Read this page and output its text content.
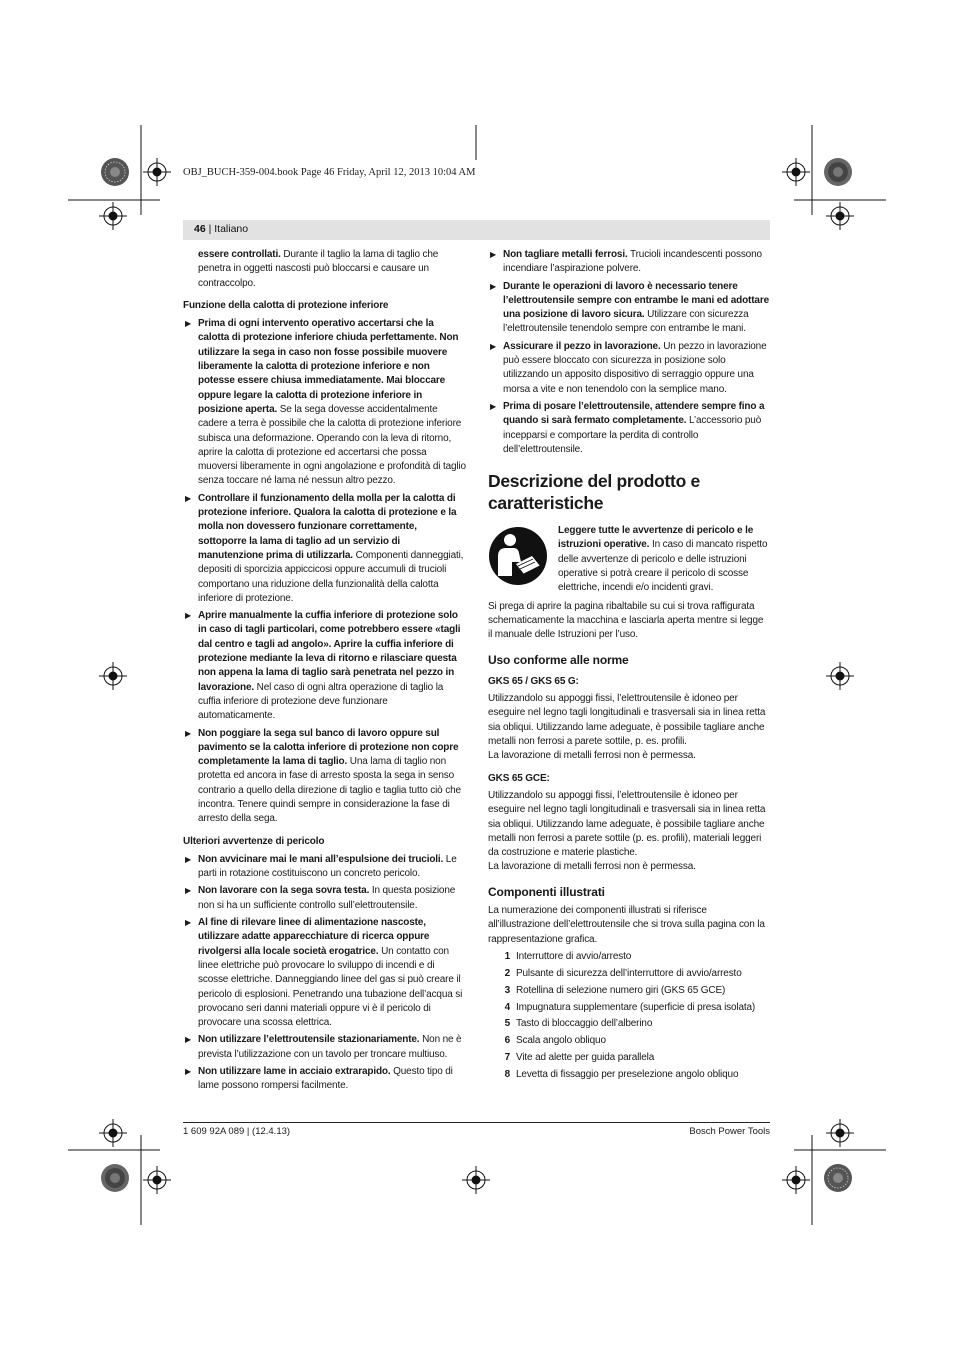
OBJ_BUCH-359-004.book Page 46 Friday, April 12, 2013 10:04 AM
46 | Italiano

essere controllati. Durante il taglio la lama di taglio che penetra in oggetti nascosti può bloccarsi e causare un contraccolpo.

Funzione della calotta di protezione inferiore

▶ Prima di ogni intervento operativo accertarsi che la calotta di protezione inferiore chiuda perfettamente. Non utilizzare la sega in caso non fosse possibile muovere liberamente la calotta di protezione inferiore e non potesse essere chiusa immediatamente. Mai bloccare oppure legare la calotta di protezione inferiore in posizione aperta. Se la sega dovesse accidentalmente cadere a terra è possibile che la calotta di protezione inferiore subisca una deformazione. Operando con la leva di ritorno, aprire la calotta di protezione ed accertarsi che possa muoversi liberamente in ogni angolazione e profondità di taglio senza toccare né lama né nessun altro pezzo.

▶ Controllare il funzionamento della molla per la calotta di protezione inferiore. Qualora la calotta di protezione e la molla non dovessero funzionare correttamente, sottoporre la lama di taglio ad un servizio di manutenzione prima di utilizzarla. Componenti danneggiati, depositi di sporcizia appiccicosi oppure accumuli di trucioli comportano una riduzione della funzionalità della calotta inferiore di protezione.

▶ Aprire manualmente la cuffia inferiore di protezione solo in caso di tagli particolari, come potrebbero essere «tagli dal centro e tagli ad angolo». Aprire la cuffia inferiore di protezione mediante la leva di ritorno e rilasciare questa non appena la lama di taglio sarà penetrata nel pezzo in lavorazione. Nel caso di ogni altra operazione di taglio la cuffia inferiore di protezione deve funzionare automaticamente.

▶ Non poggiare la sega sul banco di lavoro oppure sul pavimento se la calotta inferiore di protezione non copre completamente la lama di taglio. Una lama di taglio non protetta ed ancora in fase di arresto sposta la sega in senso contrario a quello della direzione di taglio e taglia tutto ciò che incontra. Tenere quindi sempre in considerazione la fase di arresto della sega.

Ulteriori avvertenze di pericolo

▶ Non avvicinare mai le mani all’espulsione dei trucioli. Le parti in rotazione costituiscono un concreto pericolo.

▶ Non lavorare con la sega sovra testa. In questa posizione non si ha un sufficiente controllo sull’elettroutensile.

▶ Al fine di rilevare linee di alimentazione nascoste, utilizzare adatte apparecchiature di ricerca oppure rivolgersi alla locale società erogatrice. Un contatto con linee elettriche può provocare lo sviluppo di incendi e di scosse elettriche. Danneggiando linee del gas si può creare il pericolo di esplosioni. Penetrando una tubazione dell’acqua si provocano seri danni materiali oppure vi è il pericolo di provocare una scossa elettrica.

▶ Non utilizzare l’elettroutensile stazionariamente. Non ne è prevista l’utilizzazione con un tavolo per troncare multiuso.

▶ Non utilizzare lame in acciaio extrarapido. Questo tipo di lame possono rompersi facilmente.

▶ Non tagliare metalli ferrosi. Trucioli incandescenti possono incendiare l’aspirazione polvere.

▶ Durante le operazioni di lavoro è necessario tenere l’elettroutensile sempre con entrambe le mani ed adottare una posizione di lavoro sicura. Utilizzare con sicurezza l’elettroutensile tenendolo sempre con entrambe le mani.

▶ Assicurare il pezzo in lavorazione. Un pezzo in lavorazione può essere bloccato con sicurezza in posizione solo utilizzando un apposito dispositivo di serraggio oppure una morsa a vite e non tenendolo con la semplice mano.

▶ Prima di posare l’elettroutensile, attendere sempre fino a quando si sarà fermato completamente. L’accessorio può incepparsi e comportare la perdita di controllo dell’elettroutensile.

Descrizione del prodotto e caratteristiche
Leggere tutte le avvertenze di pericolo e le istruzioni operative. In caso di mancato rispetto delle avvertenze di pericolo e delle istruzioni operative si potrà creare il pericolo di scosse elettriche, incendi e/o incidenti gravi.

Si prega di aprire la pagina ribaltabile su cui si trova raffigurata schematicamente la macchina e lasciarla aperta mentre si legge il manuale delle Istruzioni per l’uso.

Uso conforme alle norme
GKS 65 / GKS 65 G:

Utilizzandolo su appoggi fissi, l’elettroutensile è idoneo per eseguire nel legno tagli longitudinali e trasversali sia in linea retta sia obliqui. Utilizzando lame adeguate, è possibile tagliare anche metalli non ferrosi a parete sottile, p. es. profili.

La lavorazione di metalli ferrosi non è permessa.

GKS 65 GCE:

Utilizzandolo su appoggi fissi, l’elettroutensile è idoneo per eseguire nel legno tagli longitudinali e trasversali sia in linea retta sia obliqui. Utilizzando lame adeguate, è possibile tagliare anche metalli non ferrosi a parete sottile (p. es. profili), materiali leggeri da costruzione e materie plastiche.

La lavorazione di metalli ferrosi non è permessa.

Componenti illustrati

La numerazione dei componenti illustrati si riferisce all’illustrazione dell’elettroutensile che si trova sulla pagina con la rappresentazione grafica.

1 Interruttore di avvio/arresto
2 Pulsante di sicurezza dell’interruttore di avvio/arresto
3 Rotellina di selezione numero giri (GKS 65 GCE)
4 Impugnatura supplementare (superficie di presa isolata)
5 Tasto di bloccaggio dell’alberino
6 Scala angolo obliquo
7 Vite ad alette per guida parallela
8 Levetta di fissaggio per preselezione angolo obliquo
1 609 92A 089 | (12.4.13)	Bosch Power Tools
